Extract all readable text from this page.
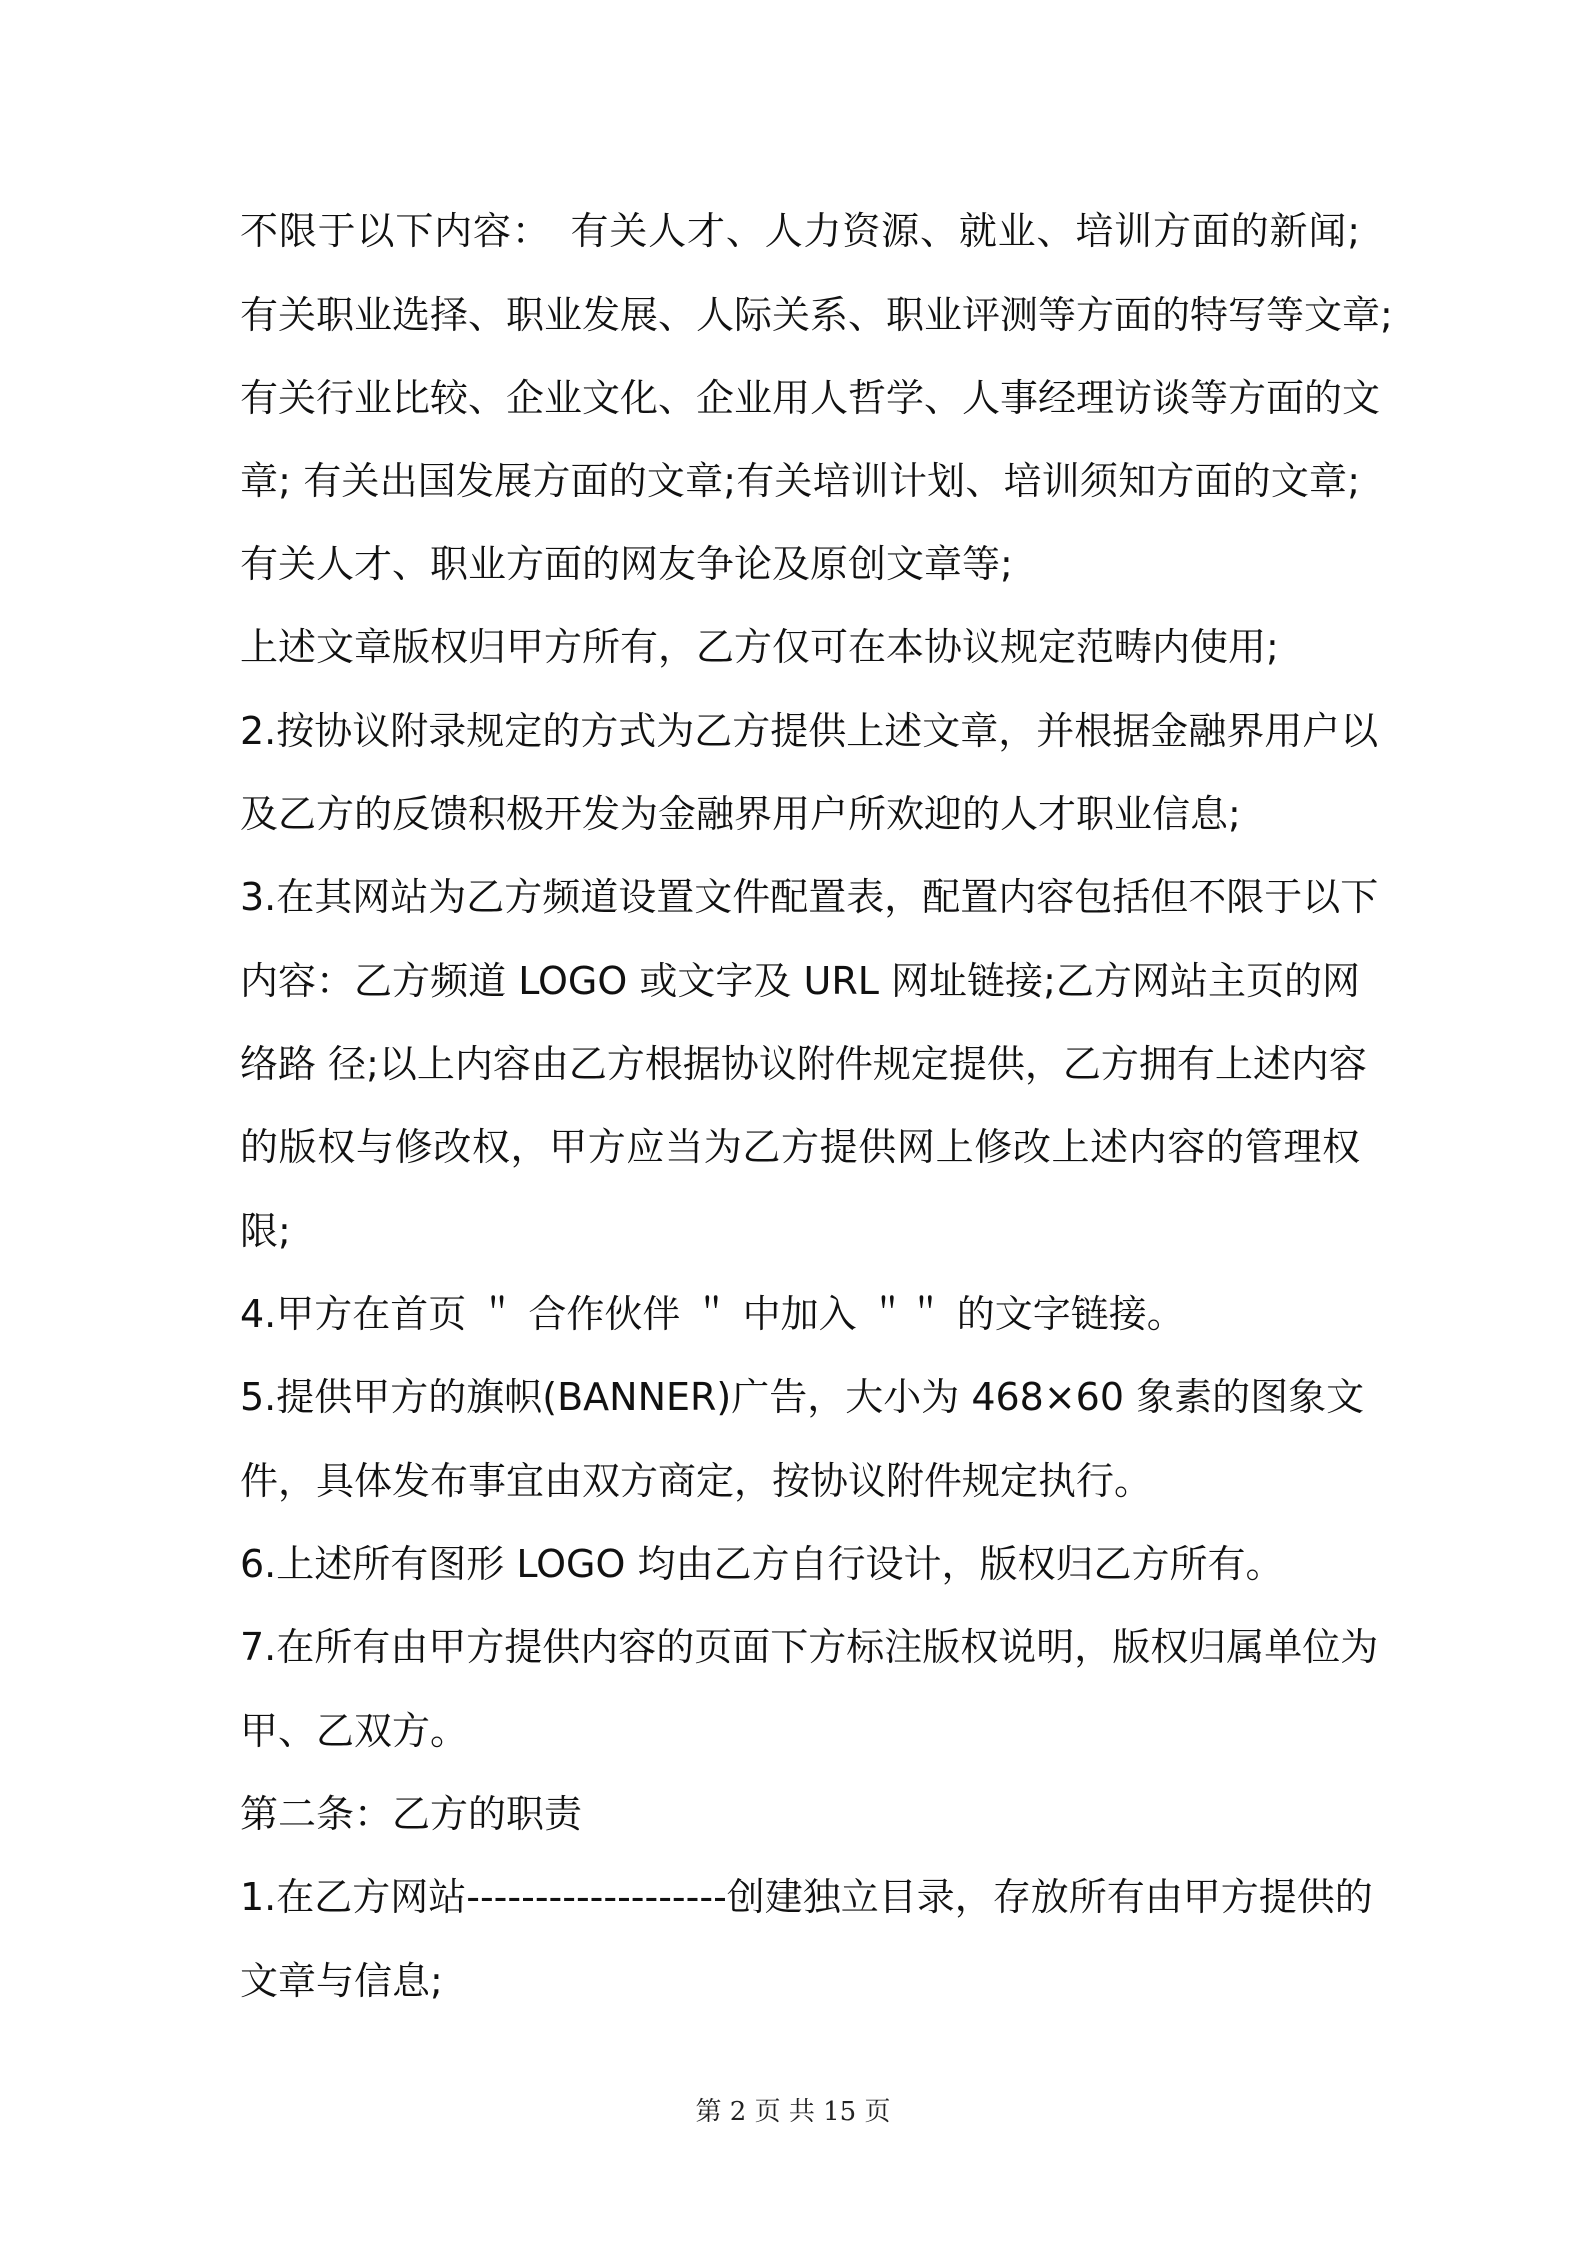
不限于以下内容：　有关人才、人力资源、就业、培训方面的新闻;

有关职业选择、职业发展、人际关系、职业评测等方面的特写等文章;

有关行业比较、企业文化、企业用人哲学、人事经理访谈等方面的文

章; 有关出国发展方面的文章;有关培训计划、培训须知方面的文章;

有关人才、职业方面的网友争论及原创文章等;

上述文章版权归甲方所有，乙方仅可在本协议规定范畴内使用;

2.按协议附录规定的方式为乙方提供上述文章，并根据金融界用户以

及乙方的反馈积极开发为金融界用户所欢迎的人才职业信息;

3.在其网站为乙方频道设置文件配置表，配置内容包括但不限于以下

内容：乙方频道 LOGO 或文字及 URL 网址链接;乙方网站主页的网

络路 径;以上内容由乙方根据协议附件规定提供，乙方拥有上述内容

的版权与修改权，甲方应当为乙方提供网上修改上述内容的管理权

限;

4.甲方在首页 ＂ 合作伙伴 ＂ 中加入 ＂＂ 的文字链接。

5.提供甲方的旗帜(BANNER)广告，大小为 468×60 象素的图象文

件，具体发布事宜由双方商定，按协议附件规定执行。

6.上述所有图形 LOGO 均由乙方自行设计，版权归乙方所有。

7.在所有由甲方提供内容的页面下方标注版权说明，版权归属单位为

甲、乙双方。

第二条：乙方的职责

1.在乙方网站-------------------创建独立目录，存放所有由甲方提供的

文章与信息;

第 2 页 共 15 页
